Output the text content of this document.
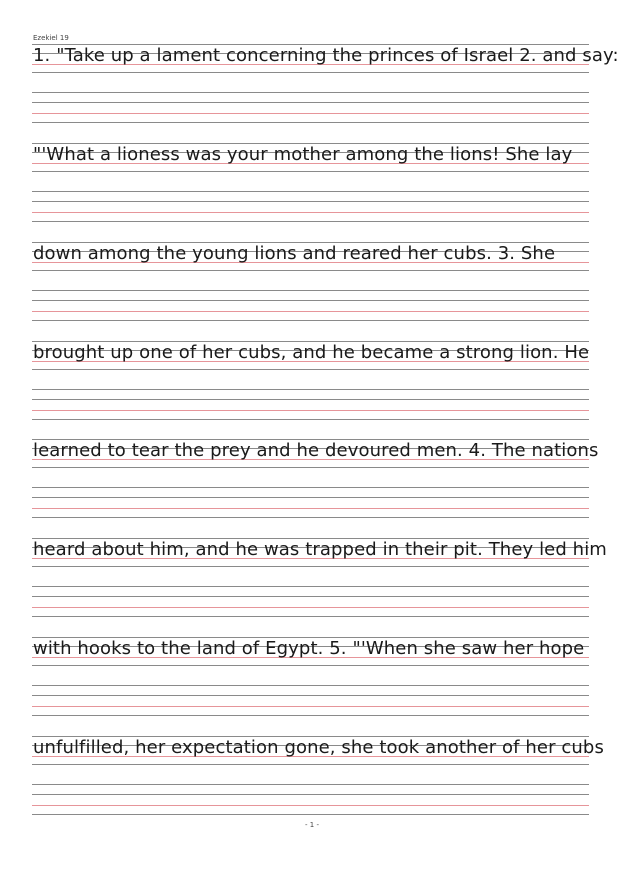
Ezekiel 19
1. "Take up a lament concerning the princes of Israel 2. and say:
"'What a lioness was your mother among the lions! She lay
down among the young lions and reared her cubs. 3. She
brought up one of her cubs, and he became a strong lion. He
learned to tear the prey and he devoured men. 4. The nations
heard about him, and he was trapped in their pit. They led him
with hooks to the land of Egypt. 5. "'When she saw her hope
unfulfilled, her expectation gone, she took another of her cubs
- 1 -
